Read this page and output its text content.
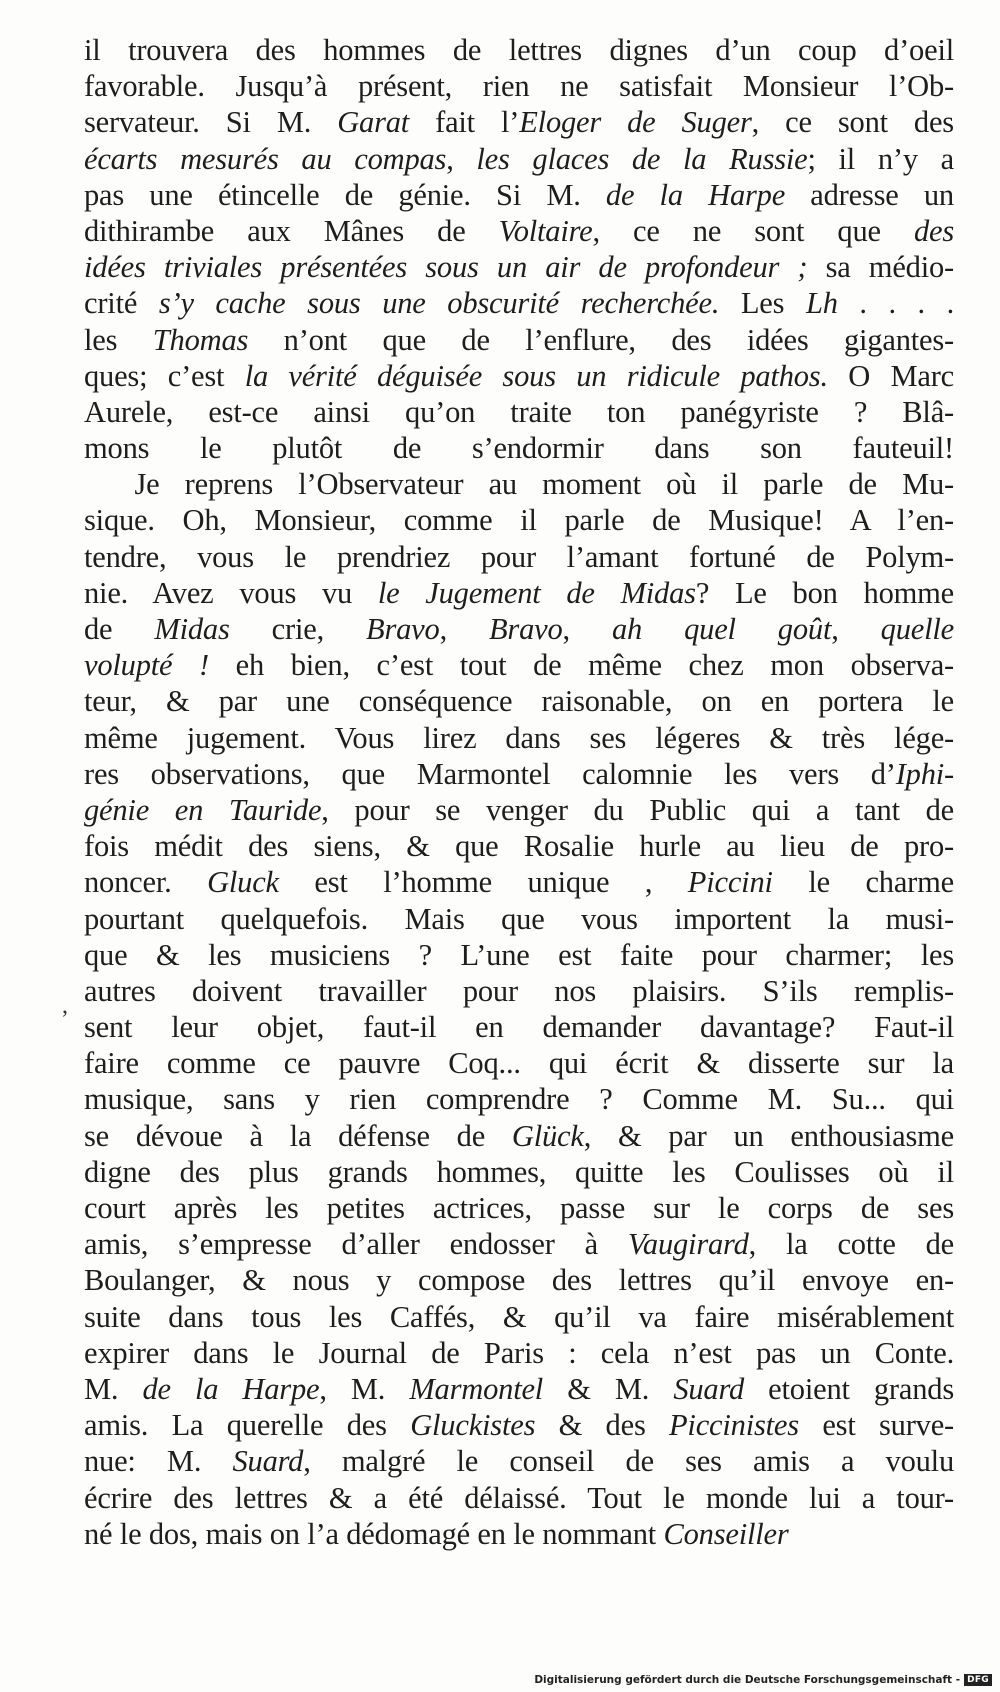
il trouvera des hommes de lettres dignes d’un coup d’oeil
favorable. Jusqu’à présent, rien ne satisfait Monsieur l’Ob-
servateur. Si M. Garat fait l’Eloger de Suger, ce sont des
écarts mesurés au compas, les glaces de la Russie; il n’y a
pas une étincelle de génie. Si M. de la Harpe adresse un
dithirambe aux Mânes de Voltaire, ce ne sont que des
idées triviales présentées sous un air de profondeur ; sa médio-
crité s’y cache sous une obscurité recherchée. Les Lh . . . .
les Thomas n’ont que de l’enflure, des idées gigantes-
ques; c’est la vérité déguisée sous un ridicule pathos. O Marc
Aurele, est-ce ainsi qu’on traite ton panégyriste ? Blâ-
mons le plutôt de s’endormir dans son fauteuil!
Je reprens l’Observateur au moment où il parle de Mu-
sique. Oh, Monsieur, comme il parle de Musique! A l’en-
tendre, vous le prendriez pour l’amant fortuné de Polym-
nie. Avez vous vu le Jugement de Midas? Le bon homme
de Midas crie, Bravo, Bravo, ah quel goût, quelle
volupté ! eh bien, c’est tout de même chez mon observa-
teur, & par une conséquence raisonable, on en portera le
même jugement. Vous lirez dans ses légeres & très lége-
res observations, que Marmontel calomnie les vers d’Iphi-
génie en Tauride, pour se venger du Public qui a tant de
fois médit des siens, & que Rosalie hurle au lieu de pro-
noncer. Gluck est l’homme unique , Piccini le charme
pourtant quelquefois. Mais que vous importent la musi-
que & les musiciens ? L’une est faite pour charmer; les
autres doivent travailler pour nos plaisirs. S’ils remplis-
sent leur objet, faut-il en demander davantage? Faut-il
faire comme ce pauvre Coq... qui écrit & disserte sur la
musique, sans y rien comprendre ? Comme M. Su... qui
se dévoue à la défense de Glück, & par un enthousiasme
digne des plus grands hommes, quitte les Coulisses où il
court après les petites actrices, passe sur le corps de ses
amis, s’empresse d’aller endosser à Vaugirard, la cotte de
Boulanger, & nous y compose des lettres qu’il envoye en-
suite dans tous les Caffés, & qu’il va faire misérablement
expirer dans le Journal de Paris : cela n’est pas un Conte.
M. de la Harpe, M. Marmontel & M. Suard etoient grands
amis. La querelle des Gluckistes & des Piccinistes est surve-
nue: M. Suard, malgré le conseil de ses amis a voulu
écrire des lettres & a été délaissé. Tout le monde lui a tour-
né le dos, mais on l’a dédomagé en le nommant Conseiller
,
Digitalisierung gefördert durch die Deutsche Forschungsgemeinschaft - DFG
